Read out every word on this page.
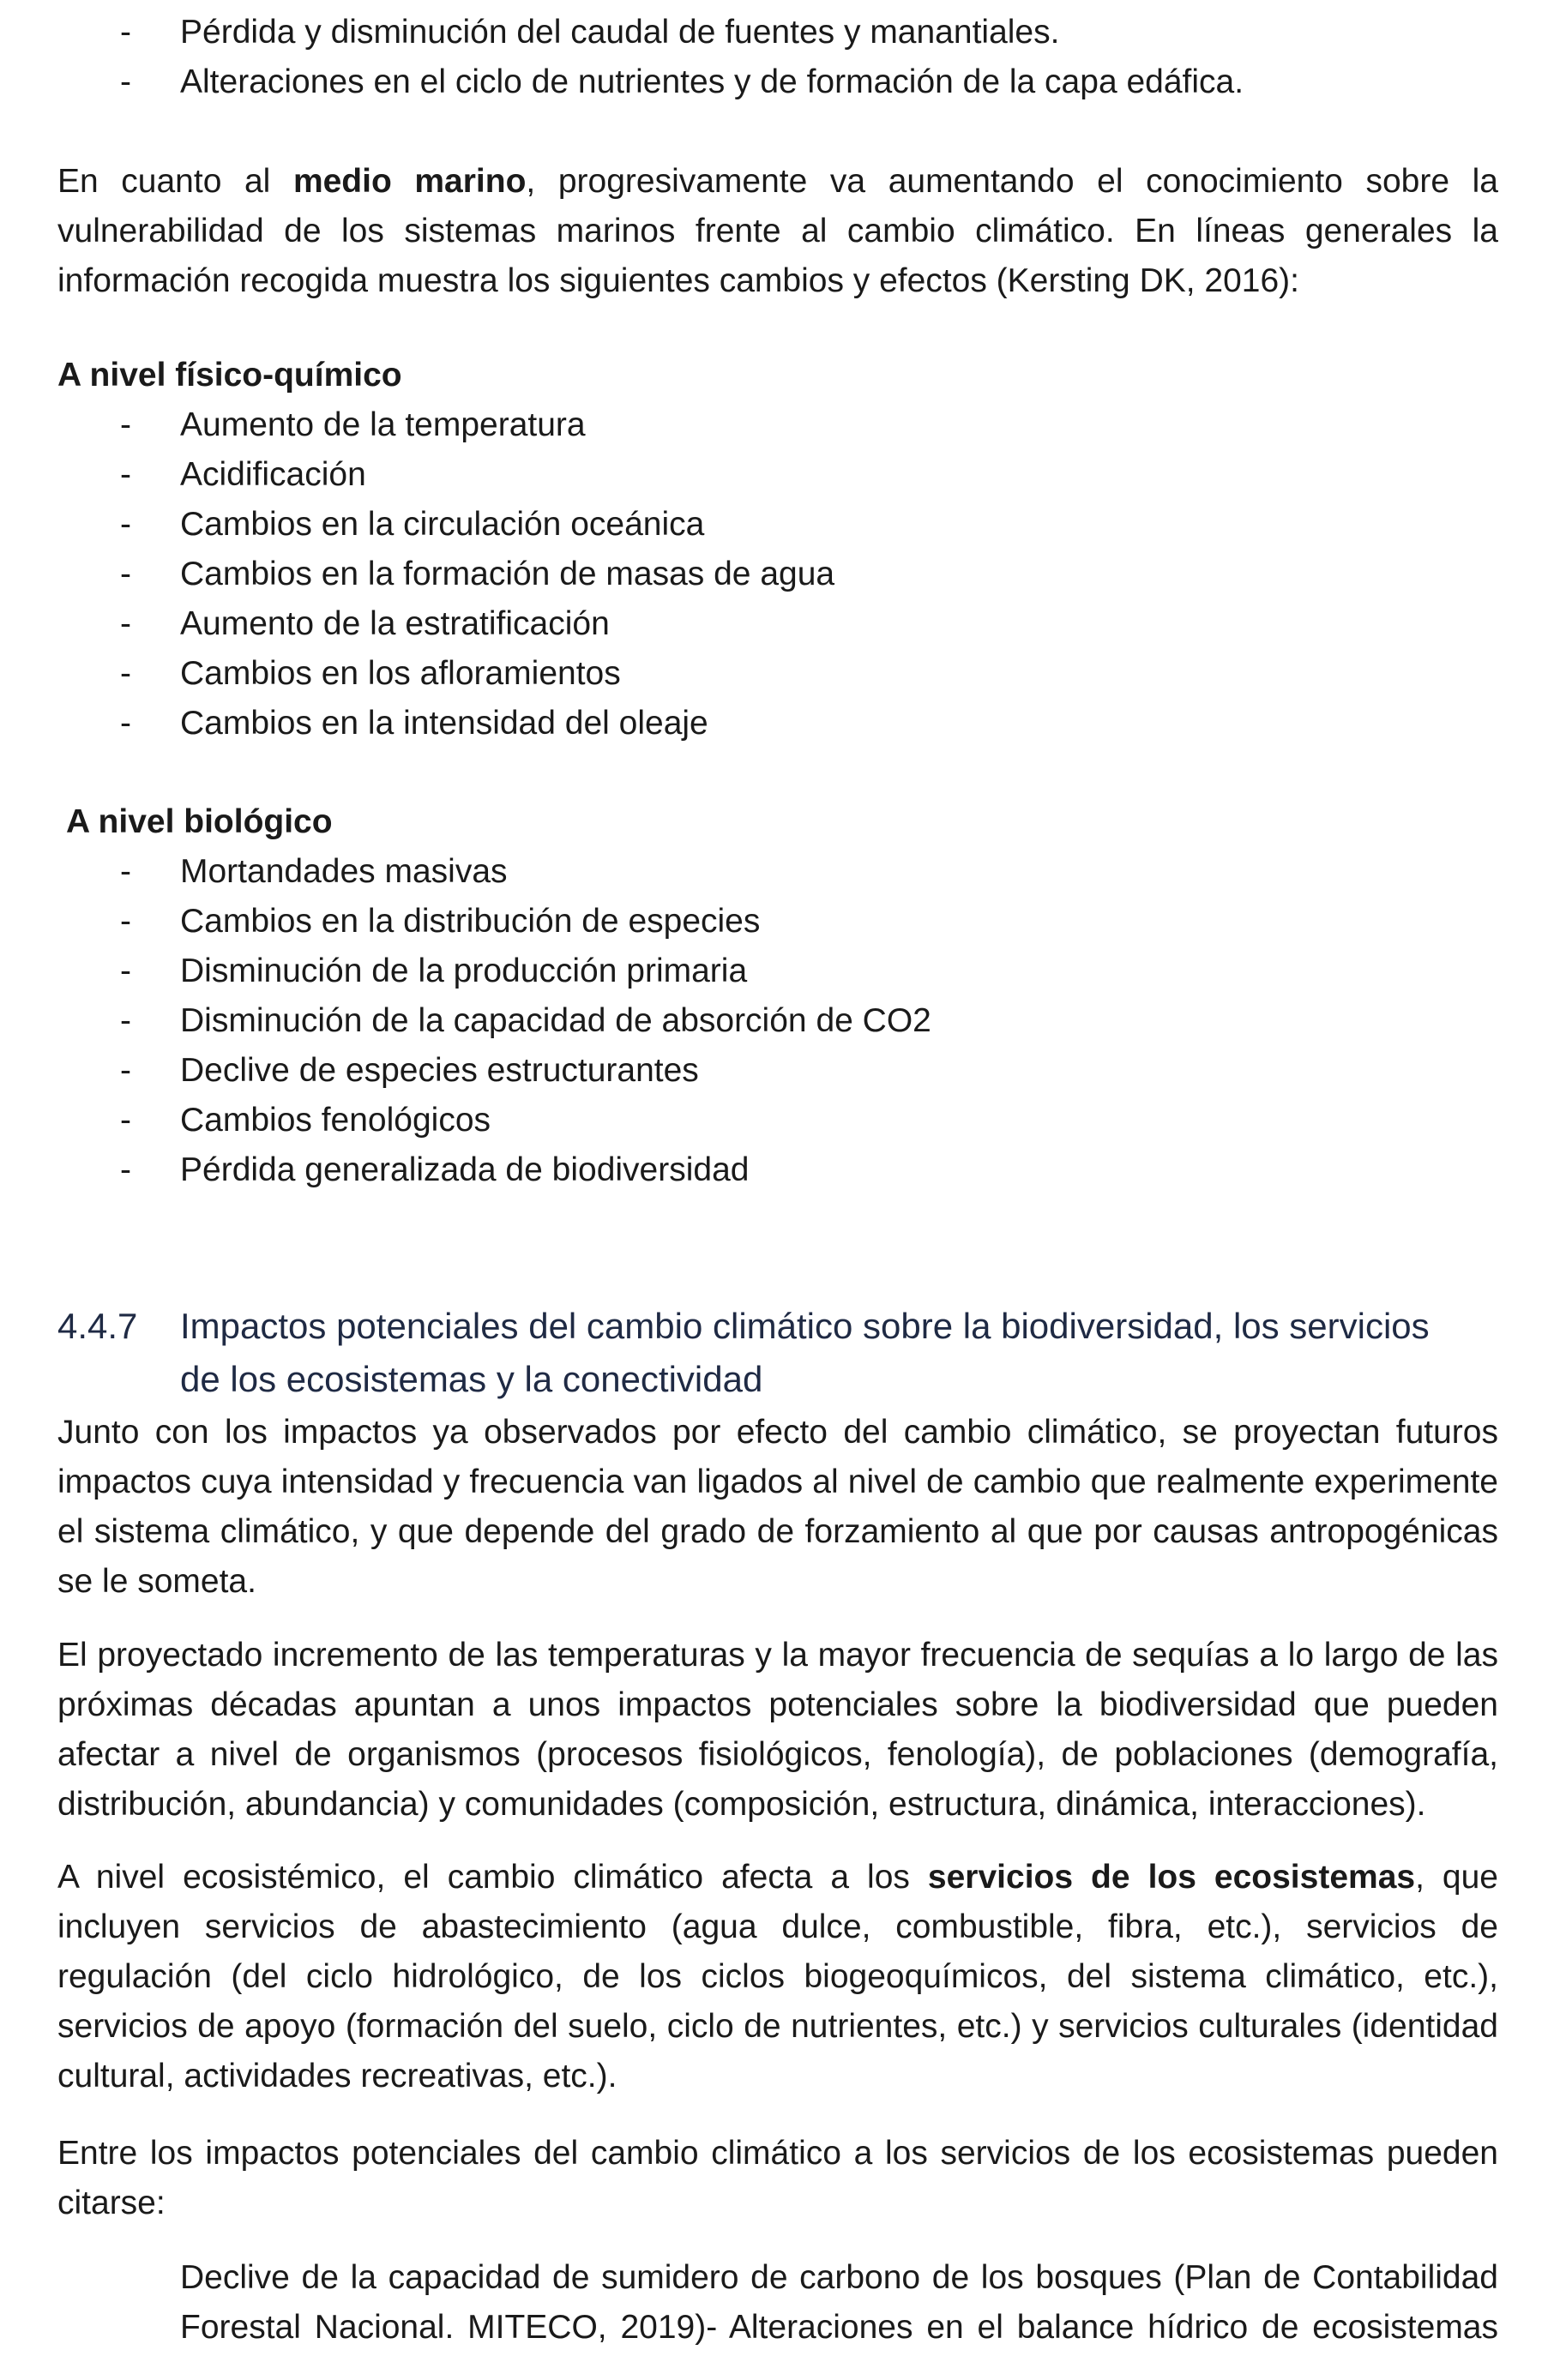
- Pérdida y disminución del caudal de fuentes y manantiales.
- Alteraciones en el ciclo de nutrientes y de formación de la capa edáfica.

En cuanto al medio marino, progresivamente va aumentando el conocimiento sobre la vulnerabilidad de los sistemas marinos frente al cambio climático. En líneas generales la información recogida muestra los siguientes cambios y efectos (Kersting DK, 2016):

A nivel físico-químico
- Aumento de la temperatura
- Acidificación
- Cambios en la circulación oceánica
- Cambios en la formación de masas de agua
- Aumento de la estratificación
- Cambios en los afloramientos
- Cambios en la intensidad del oleaje
A nivel biológico
- Mortandades masivas
- Cambios en la distribución de especies
- Disminución de la producción primaria
- Disminución de la capacidad de absorción de CO2
- Declive de especies estructurantes
- Cambios fenológicos
- Pérdida generalizada de biodiversidad
4.4.7	Impactos potenciales del cambio climático sobre la biodiversidad, los servicios de los ecosistemas y la conectividad

Junto con los impactos ya observados por efecto del cambio climático, se proyectan futuros impactos cuya intensidad y frecuencia van ligados al nivel de cambio que realmente experimente el sistema climático, y que depende del grado de forzamiento al que por causas antropogénicas se le someta.

El proyectado incremento de las temperaturas y la mayor frecuencia de sequías a lo largo de las próximas décadas apuntan a unos impactos potenciales sobre la biodiversidad que pueden afectar a nivel de organismos (procesos fisiológicos, fenología), de poblaciones (demografía, distribución, abundancia) y comunidades (composición, estructura, dinámica, interacciones).

A nivel ecosistémico, el cambio climático afecta a los servicios de los ecosistemas, que incluyen servicios de abastecimiento (agua dulce, combustible, fibra, etc.), servicios de regulación (del ciclo hidrológico, de los ciclos biogeoquímicos, del sistema climático, etc.), servicios de apoyo (formación del suelo, ciclo de nutrientes, etc.) y servicios culturales (identidad cultural, actividades recreativas, etc.).

Entre los impactos potenciales del cambio climático a los servicios de los ecosistemas pueden citarse:

Declive de la capacidad de sumidero de carbono de los bosques (Plan de Contabilidad
Forestal Nacional. MITECO, 2019)- Alteraciones en el balance hídrico de ecosistemas
